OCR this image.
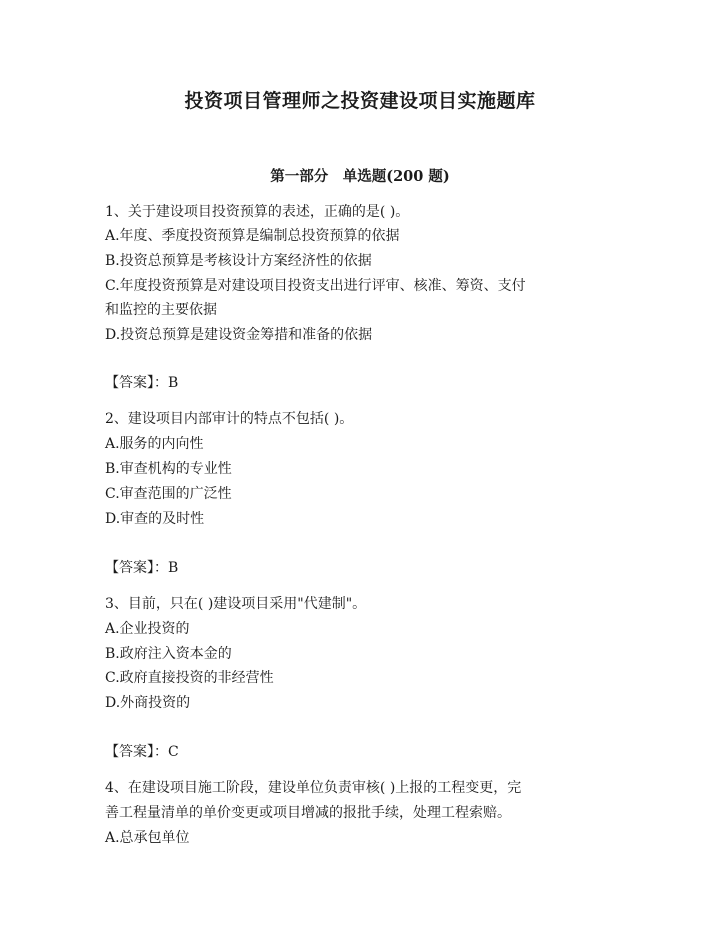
投资项目管理师之投资建设项目实施题库
第一部分　单选题(200 题)
1、关于建设项目投资预算的表述，正确的是( )。
A.年度、季度投资预算是编制总投资预算的依据
B.投资总预算是考核设计方案经济性的依据
C.年度投资预算是对建设项目投资支出进行评审、核准、筹资、支付
和监控的主要依据
D.投资总预算是建设资金筹措和准备的依据
【答案】：B
2、建设项目内部审计的特点不包括( )。
A.服务的内向性
B.审查机构的专业性
C.审查范围的广泛性
D.审查的及时性
【答案】：B
3、目前，只在( )建设项目采用"代建制"。
A.企业投资的
B.政府注入资本金的
C.政府直接投资的非经营性
D.外商投资的
【答案】：C
4、在建设项目施工阶段，建设单位负责审核( )上报的工程变更，完
善工程量清单的单价变更或项目增减的报批手续，处理工程索赔。
A.总承包单位
